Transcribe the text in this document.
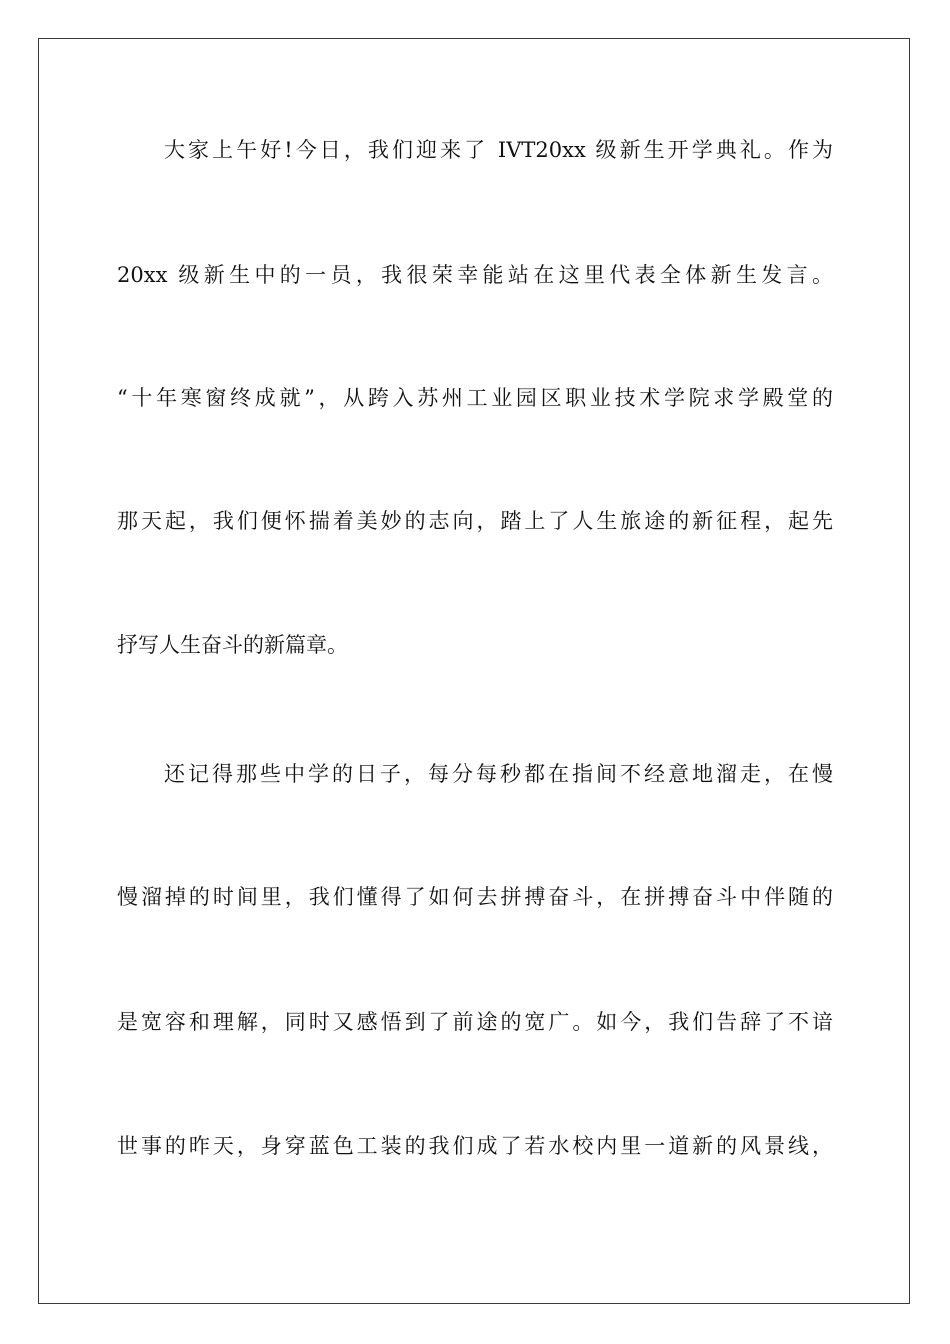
大家上午好!今日，我们迎来了 IVT20xx 级新生开学典礼。作为
20xx 级新生中的一员，我很荣幸能站在这里代表全体新生发言。
“十年寒窗终成就”，从跨入苏州工业园区职业技术学院求学殿堂的
那天起，我们便怀揣着美妙的志向，踏上了人生旅途的新征程，起先
抒写人生奋斗的新篇章。
还记得那些中学的日子，每分每秒都在指间不经意地溜走，在慢
慢溜掉的时间里，我们懂得了如何去拼搏奋斗，在拼搏奋斗中伴随的
是宽容和理解，同时又感悟到了前途的宽广。如今，我们告辞了不谙
世事的昨天，身穿蓝色工装的我们成了若水校内里一道新的风景线，
